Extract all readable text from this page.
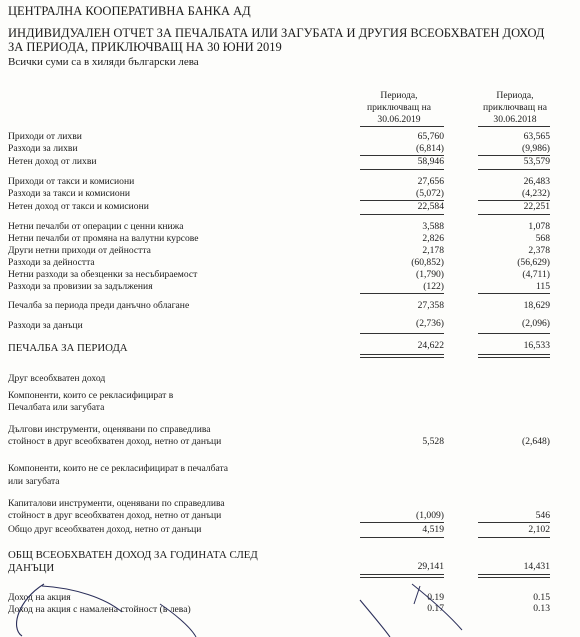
ЦЕНТРАЛНА КООПЕРАТИВНА БАНКА АД
ИНДИВИДУАЛЕН ОТЧЕТ ЗА ПЕЧАЛБАТА ИЛИ ЗАГУБАТА И ДРУГИЯ ВСЕОБХВАТЕН ДОХОД
ЗА ПЕРИОДА, ПРИКЛЮЧВАЩ НА 30 ЮНИ 2019
Всички суми са в хиляди български лева
Периода,
приключващ на
30.06.2019
Периода,
приключващ на
30.06.2018
Приходи от лихви	65,760	63,565
Разходи за лихви	(6,814)	(9,986)
Нетен доход от лихви	58,946	53,579
Приходи от такси и комисиони	27,656	26,483
Разходи за такси и комисиони	(5,072)	(4,232)
Нетен доход от такси и комисиони	22,584	22,251
Нетни печалби от операции с ценни книжа	3,588	1,078
Нетни печалби от промяна на валутни курсове	2,826	568
Други нетни приходи от дейността	2,178	2,378
Разходи за дейността	(60,852)	(56,629)
Нетни разходи за обезценки за несъбираемост	(1,790)	(4,711)
Разходи за провизии за задължения	(122)	115
Печалба за периода преди данъчно облагане	27,358	18,629
Разходи за данъци	(2,736)	(2,096)
ПЕЧАЛБА ЗА ПЕРИОДА	24,622	16,533
Друг всеобхватен доход
Компоненти, които се рекласифицират в
Печалбата или загубата
Дългови инструменти, оценявани по справедлива
стойност в друг всеобхватен доход, нетно от данъци	5,528	(2,648)
Компоненти, които не се рекласифицират в печалбата
или загубата
Капиталови инструменти, оценявани по справедлива
стойност в друг всеобхватен доход, нетно от данъци	(1,009)	546
Общо друг всеобхватен доход, нетно от данъци	4,519	2,102
ОБЩ ВСЕОБХВАТЕН ДОХОД ЗА ГОДИНАТА СЛЕД
ДАНЪЦИ	29,141	14,431
Доход на акция	0.19	0.15
Доход на акция с намалена стойност (в лева)	0.17	0.13
